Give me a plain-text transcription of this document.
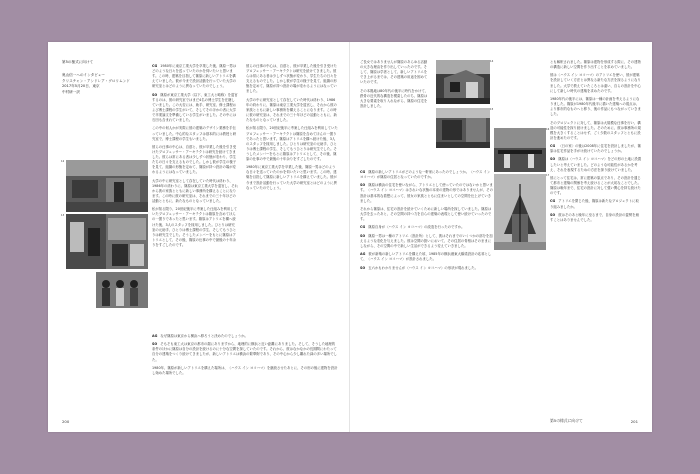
第5の様式に向けて
奥山信一へのインタビュー
クリスチャン・アンドレア・グロリムンド
2017年5月20日、東京
中村研一訳
12
13

CG 1980年に東京工業大学を卒業した後、篠原一男はどのような日々を送っていたのかを伺いたいと思います。この時、建築を目指して篠原に新しいアトリエを構えていました。彼が今まで設計活動を行っていた大学の研究室とはどのように異なっていたのでしょう。

SO 篠原が東京工業大学（以下、東工大と略称）を退官するのは、彼の研究室ではまだ4名の博士学生を在籍していました。この大変には、助手、研究室、修士課程および博士課程の学生がいて、そしてそのほかの者に大学で卒業論文を準備している学生がいました。その中には石田も含まれていました。

この中の何人かが実際に彼の建築のデザイン業務を手伝っていました。中心的なスタッフは基本的には教授と研究室で、博士課程の学生もいました。

彼らの仕事の中心は、自邸と、彼が卒業した後を引き受けたプロフェッサー・アーキテクトは研究を続けてきました。彼らは常にある者は少しずつ状態が変わり、学生たちの日々を支えるものでした。しかし彼が学生の様子を見て、組織の形態を定めて、篠原が持つ設計の場が変わるようにはなっていました。

大学の中に研究室として存在していた時代は終わり、1986年の終わりに、篠原は東京工業大学を退官し、それから彼の家族とともに新しい事務所を構えることになります。この時に彼の研究室は、それまでの三十年ほどの活動とともに、新たなものとなっていました。

私が知る限り、20世紀後半に考案した仕組みを利用していたプロフェッサー・アーキテクトは篠原を含めてほんの一握りであったと思います。篠原はアトリエを構へ続けた後、3人のスタッフを採用しました。ひとりは研究室の元助手、ひとりは博士課程の学生、そしてもうひとりは研究生でした。そうしたメンバーをもとに篠原はアトリエとして、その後、篠原の仕事の中で最後の十年余りをすごしたのです。

AG なぜ篠原は東京から横浜へ移ろうと決めたのでしょうか。

SO そもそも東工大は東京の都市の端にありますから、地理的に横浜と近い距離にありました。そして、そうした地理的条件のほかに篠原は自分の設計を続けるのに十分な空間を探していたのです。それから、彼はなかなかの長期間にわたって自分の建築をつくり続けてきましたが、新しいアトリエは横浜の繁華街であり、その中心から少し離れた緑の多い場所でした。

1980年、篠原が新しいアトリエを構えた場所は、〈ハウス イン ヨコハマ〉を継続させたあとに、その形の後に建物を設計し始めた場所でした。

彼らの仕事の中心は、自邸と、彼が卒業した後を引き受けたプロフェッサー・アーキテクトは研究を続けてきました。彼らは常にある者は少しずつ状態が変わり、学生たちの日々を支えるものでした。しかし彼が学生の様子を見て、組織の形態を定めて、篠原が持つ設計の場が変わるようにはなっていました。

大学の中に研究室として存在していた時代は終わり、1986年の終わりに、篠原は東京工業大学を退官し、それから彼の家族とともに新しい事務所を構えることになります。この時に彼の研究室は、それまでの三十年ほどの活動とともに、新たなものとなっていました。

私が知る限り、20世紀後半に考案した仕組みを利用していたプロフェッサー・アーキテクトは篠原を含めてほんの一握りであったと思います。篠原はアトリエを構へ続けた後、3人のスタッフを採用しました。ひとりは研究室の元助手、ひとりは博士課程の学生、そしてもうひとりは研究生でした。そうしたメンバーをもとに篠原はアトリエとして、その後、篠原の仕事の中で最後の十年余りをすごしたのです。

1980年に東京工業大学を卒業した後、篠原一男はどのような日々を送っていたのかを伺いたいと思います。この時、建築を目指して篠原に新しいアトリエを構えていました。彼が今まで設計活動を行っていた大学の研究室とはどのように異なっていたのでしょう。

200

ご長女ではありませんが篠原のあらゆる活動の大きな理由を作り出していったのです。そして、篠原は学者として、新しいアトリエをでき上がるまでは、その建築の用途を固めていたのです。

その本拠地は80年代の後半に時代をかけて、鉄骨の近代的な構造を模索したのち、篠原は大きな要素を取り入れながら、篠原の住宅を設計しました。

CG 篠原の新しいアトリエがどのような一軒家にあったのでしょうか。〈ハウス イン ヨコハマ〉が篠原の住居となっていたのですか。

SO 篠原は横浜の住宅を使いながら、アトリエとして使っていたのではないかと思います。〈ハウス イン ヨコハマ〉はきれいな状態の本来の建物の形ではありませんが、その設計は基本的な着想によって、彼女の家族とともに住まいとしての空間を仕上げていきました。

それから篠原は、住宅の設計を続けていくために新しい場所を探していました。篠原は大学を去ったあと、その空間の持つ力を自らの建築の表現として使い続けていったのです。

CG 篠原自身が〈ハウス イン ヨコハマ〉の改造を行ったのですか。

SO 篠原一男は一種のアトリエ（設計所）として、彼はそれまでのいくつかの部分を加えるような変化を与えました。彼は空間の扱いにおいて、その住居の骨格はそのままにしながら、その空間の中で新しい生活ができるよう変えていきました。

AG 彼が新築の新しいアトリエを構えた頃、1985年の横浜港東大橋梁設計の応募として、〈ハウス イン ヨコハマ〉が設計されました。

SO 五六かもわかりませんが〈ハウス イン ヨコハマ〉の形状が現れました。

14
15
16
17

とも解釈されました。篠原は建物を形成する際に、その建物の構造に新しい空間を作り出すことを求めていました。

彼は〈ハウス イン ヨコハマ〉のアトリエを使い、彼が建築を設計していく方法とは異なる新たな方法を探るようになりました。大学で教えていたころとは違い、自らの設計を中心にして新しい時代の建築を求めたのです。

1980年代の後半には、篠原は一種の計画を考えるようになりました。篠原が1980年代後半に描いた建築への視点は、より都市的なものへと移り、後の作品にもつながっていきました。

そのプロジェクトに対して、篠原は大規模な仕事を行い、構造の可能性を探り続けました。そのために、彼は事務所の規模を大きくすることはせず、ごく少数のスタッフとともに設計を進めたのです。

CG 〈日の家〉の後は2008年に住宅を設計しましたが、篠原は住宅作品を手がけ続けていたのでしょうか。

SO 篠原は〈ハウス イン ヨコハマ〉をどの形の土地に設置したいと考えていました。どのような可能性があるかを考え、それを表現するための方法を探り続けていました。

彼にとって住宅は、常に建築の原点であり、その設計を通じて都市と建築の関係を考え続けることが大切なことでした。篠原は晩年まで、住宅の設計に対して強い関心を持ち続けたのです。

CG アトリエを閉じた後、篠原は新たなプロジェクトに取り組みましたか。

SO 彼はそのあと晩年に至るまで、自身の設計の姿勢を崩すことはありませんでした。

第5の様式に向けて	201
